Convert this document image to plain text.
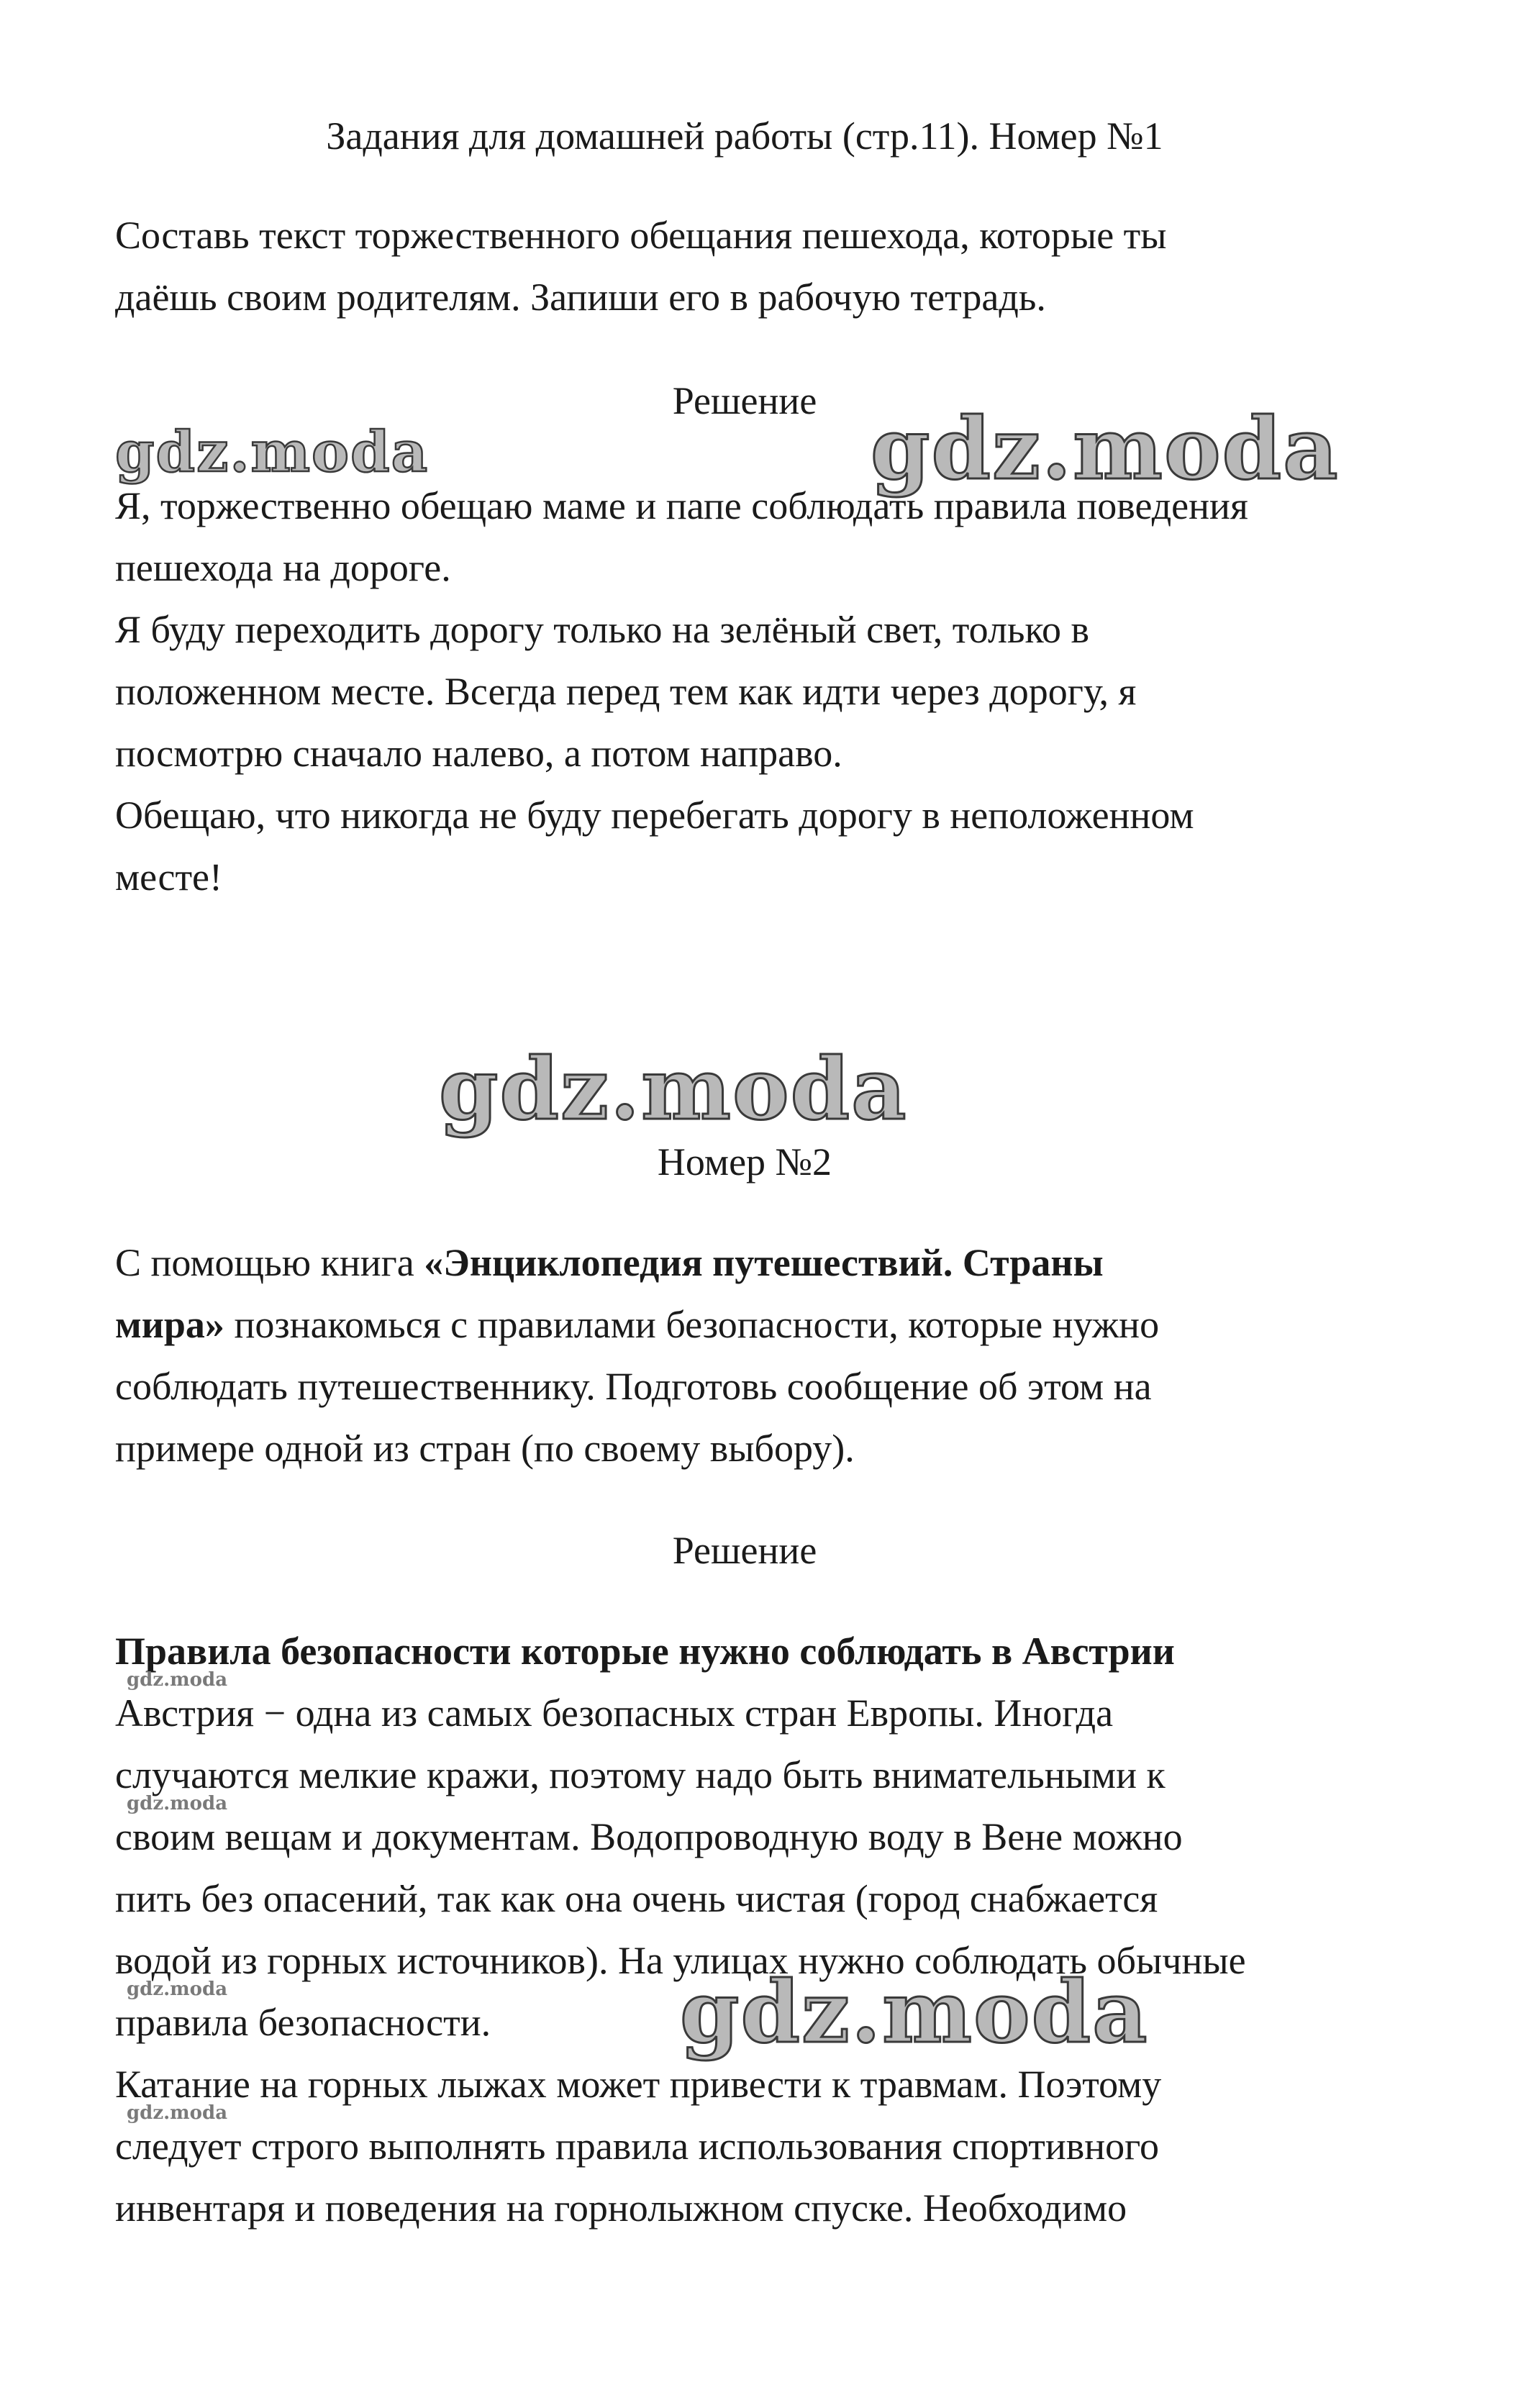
Задания для домашней работы (стр.11). Номер №1
Составь текст торжественного обещания пешехода, которые ты
даёшь своим родителям. Запиши его в рабочую тетрадь.
Решение
Я, торжественно обещаю маме и папе соблюдать правила поведения
пешехода на дороге.
Я буду переходить дорогу только на зелёный свет, только в
положенном месте. Всегда перед тем как идти через дорогу, я
посмотрю сначало налево, а потом направо.
Обещаю, что никогда не буду перебегать дорогу в неположенном
месте!
Номер №2
С помощью книга «Энциклопедия путешествий. Страны
мира» познакомься с правилами безопасности, которые нужно
соблюдать путешественнику. Подготовь сообщение об этом на
примере одной из стран (по своему выбору).
Решение
Правила безопасности которые нужно соблюдать в Австрии
Австрия − одна из самых безопасных стран Европы. Иногда
случаются мелкие кражи, поэтому надо быть внимательными к
своим вещам и документам. Водопроводную воду в Вене можно
пить без опасений, так как она очень чистая (город снабжается
водой из горных источников). На улицах нужно соблюдать обычные
правила безопасности.
Катание на горных лыжах может привести к травмам. Поэтому
следует строго выполнять правила использования спортивного
инвентаря и поведения на горнолыжном спуске. Необходимо
gdz.moda	gdz.moda
gdz.moda
gdz.moda
gdz.moda
gdz.moda
gdz.moda
gdz.moda
